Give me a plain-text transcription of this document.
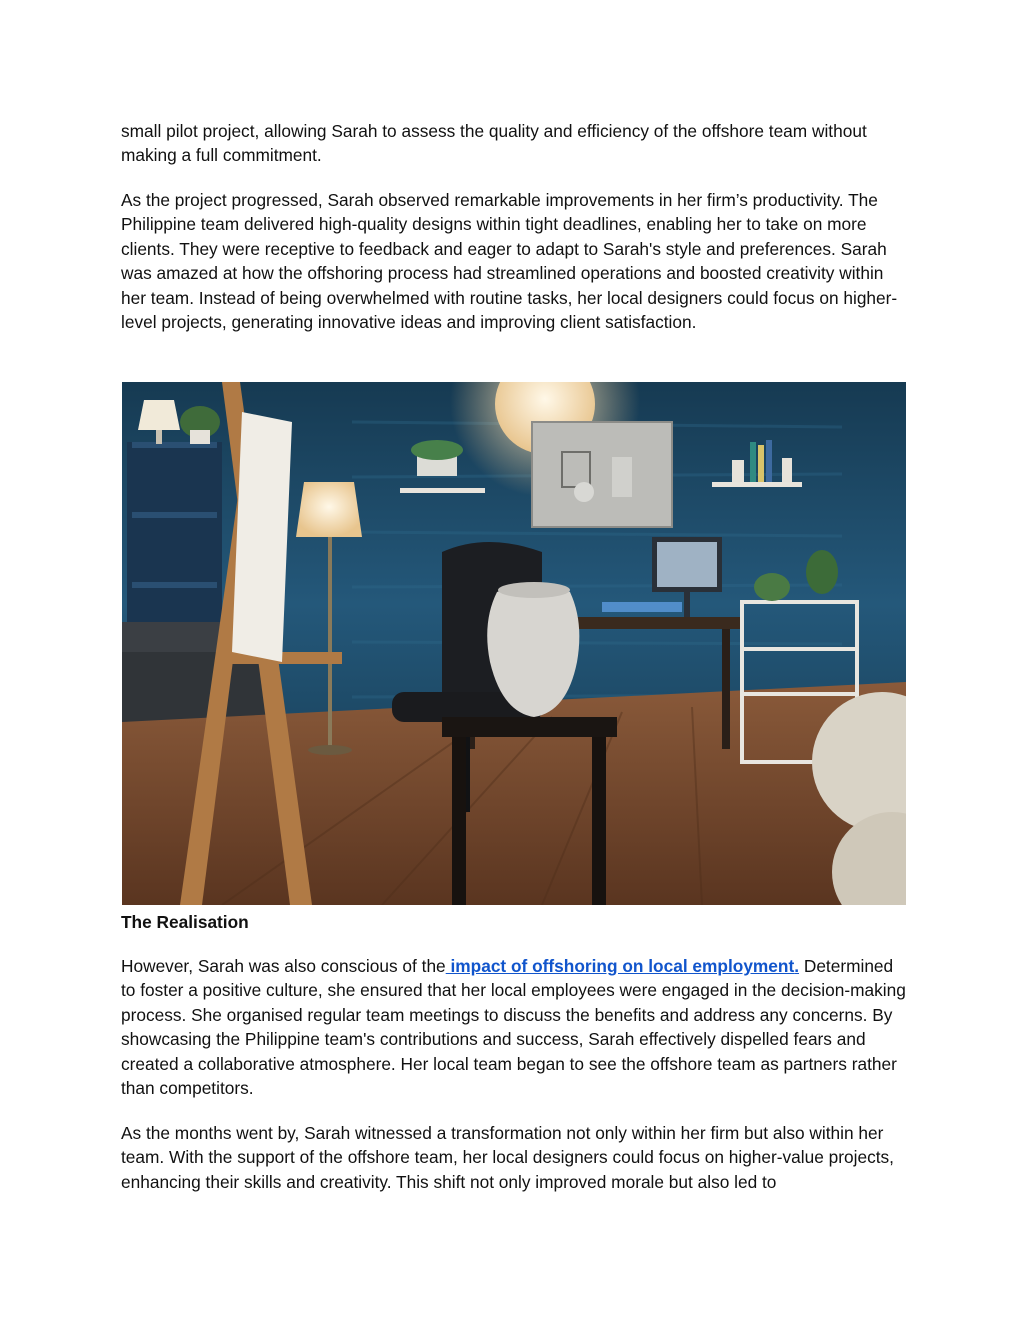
small pilot project, allowing Sarah to assess the quality and efficiency of the offshore team without making a full commitment.

As the project progressed, Sarah observed remarkable improvements in her firm’s productivity. The Philippine team delivered high-quality designs within tight deadlines, enabling her to take on more clients. They were receptive to feedback and eager to adapt to Sarah's style and preferences. Sarah was amazed at how the offshoring process had streamlined operations and boosted creativity within her team. Instead of being overwhelmed with routine tasks, her local designers could focus on higher-level projects, generating innovative ideas and improving client satisfaction.

The Realisation

However, Sarah was also conscious of the impact of offshoring on local employment. Determined to foster a positive culture, she ensured that her local employees were engaged in the decision-making process. She organised regular team meetings to discuss the benefits and address any concerns. By showcasing the Philippine team's contributions and success, Sarah effectively dispelled fears and created a collaborative atmosphere. Her local team began to see the offshore team as partners rather than competitors.

As the months went by, Sarah witnessed a transformation not only within her firm but also within her team. With the support of the offshore team, her local designers could focus on higher-value projects, enhancing their skills and creativity. This shift not only improved morale but also led to
